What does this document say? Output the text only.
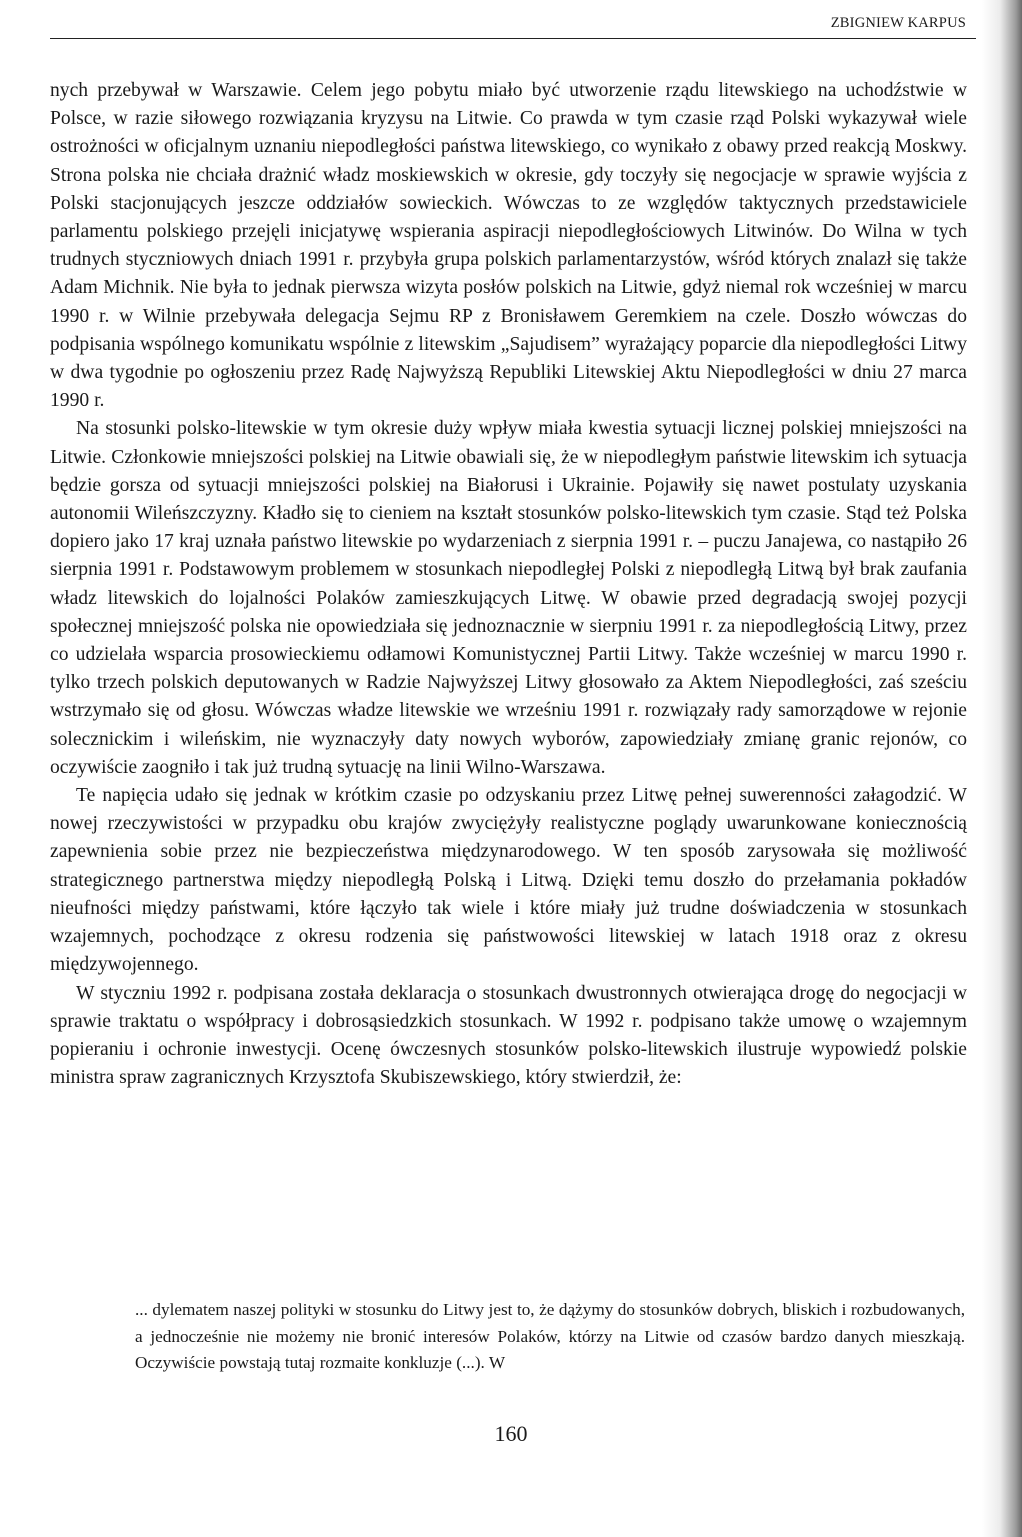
ZBIGNIEW KARPUS

nych przebywał w Warszawie. Celem jego pobytu miało być utworzenie rządu litewskiego na uchodźstwie w Polsce, w razie siłowego rozwiązania kryzysu na Litwie. Co prawda w tym czasie rząd Polski wykazywał wiele ostrożności w oficjalnym uznaniu niepodległości państwa litewskiego, co wynikało z obawy przed reakcją Moskwy. Strona polska nie chciała drażnić władz moskiewskich w okresie, gdy toczyły się negocjacje w sprawie wyjścia z Polski stacjonujących jeszcze oddziałów sowieckich. Wówczas to ze względów taktycznych przedstawiciele parlamentu polskiego przejęli inicjatywę wspierania aspiracji niepodległościowych Litwinów. Do Wilna w tych trudnych styczniowych dniach 1991 r. przybyła grupa polskich parlamentarzystów, wśród których znalazł się także Adam Michnik. Nie była to jednak pierwsza wizyta posłów polskich na Litwie, gdyż niemal rok wcześniej w marcu 1990 r. w Wilnie przebywała delegacja Sejmu RP z Bronisławem Geremkiem na czele. Doszło wówczas do podpisania wspólnego komunikatu wspólnie z litewskim „Sajudisem” wyrażający poparcie dla niepodległości Litwy w dwa tygodnie po ogłoszeniu przez Radę Najwyższą Republiki Litewskiej Aktu Niepodległości w dniu 27 marca 1990 r.

Na stosunki polsko-litewskie w tym okresie duży wpływ miała kwestia sytuacji licznej polskiej mniejszości na Litwie. Członkowie mniejszości polskiej na Litwie obawiali się, że w niepodległym państwie litewskim ich sytuacja będzie gorsza od sytuacji mniejszości polskiej na Białorusi i Ukrainie. Pojawiły się nawet postulaty uzyskania autonomii Wileńszczyzny. Kładło się to cieniem na kształt stosunków polsko-litewskich tym czasie. Stąd też Polska dopiero jako 17 kraj uznała państwo litewskie po wydarzeniach z sierpnia 1991 r. – puczu Janajewa, co nastąpiło 26 sierpnia 1991 r. Podstawowym problemem w stosunkach niepodległej Polski z niepodległą Litwą był brak zaufania władz litewskich do lojalności Polaków zamieszkujących Litwę. W obawie przed degradacją swojej pozycji społecznej mniejszość polska nie opowiedziała się jednoznacznie w sierpniu 1991 r. za niepodległością Litwy, przez co udzielała wsparcia prosowieckiemu odłamowi Komunistycznej Partii Litwy. Także wcześniej w marcu 1990 r. tylko trzech polskich deputowanych w Radzie Najwyższej Litwy głosowało za Aktem Niepodległości, zaś sześciu wstrzymało się od głosu. Wówczas władze litewskie we wrześniu 1991 r. rozwiązały rady samorządowe w rejonie solecznickim i wileńskim, nie wyznaczyły daty nowych wyborów, zapowiedziały zmianę granic rejonów, co oczywiście zaogniło i tak już trudną sytuację na linii Wilno-Warszawa.

Te napięcia udało się jednak w krótkim czasie po odzyskaniu przez Litwę pełnej suwerenności załagodzić. W nowej rzeczywistości w przypadku obu krajów zwyciężyły realistyczne poglądy uwarunkowane koniecznością zapewnienia sobie przez nie bezpieczeństwa międzynarodowego. W ten sposób zarysowała się możliwość strategicznego partnerstwa między niepodległą Polską i Litwą. Dzięki temu doszło do przełamania pokładów nieufności między państwami, które łączyło tak wiele i które miały już trudne doświadczenia w stosunkach wzajemnych, pochodzące z okresu rodzenia się państwowości litewskiej w latach 1918 oraz z okresu międzywojennego.

W styczniu 1992 r. podpisana została deklaracja o stosunkach dwustronnych otwierająca drogę do negocjacji w sprawie traktatu o współpracy i dobrosąsiedzkich stosunkach. W 1992 r. podpisano także umowę o wzajemnym popieraniu i ochronie inwestycji. Ocenę ówczesnych stosunków polsko-litewskich ilustruje wypowiedź polskie ministra spraw zagranicznych Krzysztofa Skubiszewskiego, który stwierdził, że:

... dylematem naszej polityki w stosunku do Litwy jest to, że dążymy do stosunków dobrych, bliskich i rozbudowanych, a jednocześnie nie możemy nie bronić interesów Polaków, którzy na Litwie od czasów bardzo danych mieszkają. Oczywiście powstają tutaj rozmaite konkluzje (...). W

160
